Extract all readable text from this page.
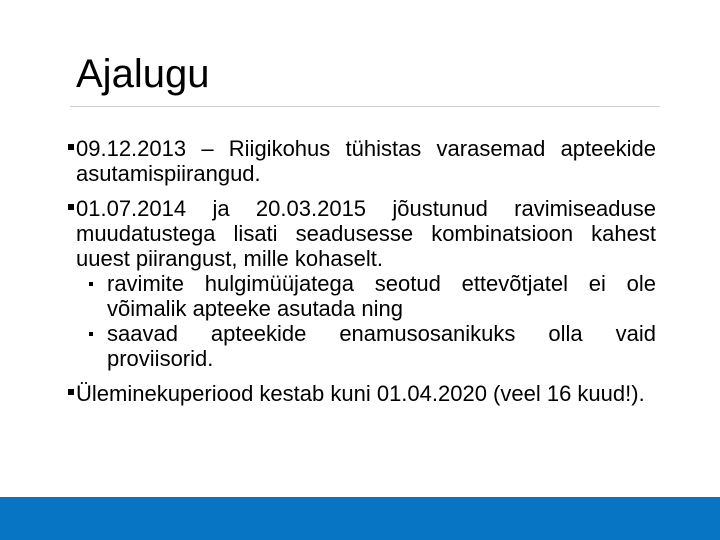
Ajalugu
09.12.2013 – Riigikohus tühistas varasemad apteekide asutamispiirangud.
01.07.2014 ja 20.03.2015 jõustunud ravimiseaduse muudatustega lisati seadusesse kombinatsioon kahest uuest piirangust, mille kohaselt.
ravimite hulgimüüjatega seotud ettevõtjatel ei ole võimalik apteeke asutada ning
saavad apteekide enamusosanikuks olla vaid proviisorid.
Üleminekuperiood kestab kuni 01.04.2020 (veel 16 kuud!).
